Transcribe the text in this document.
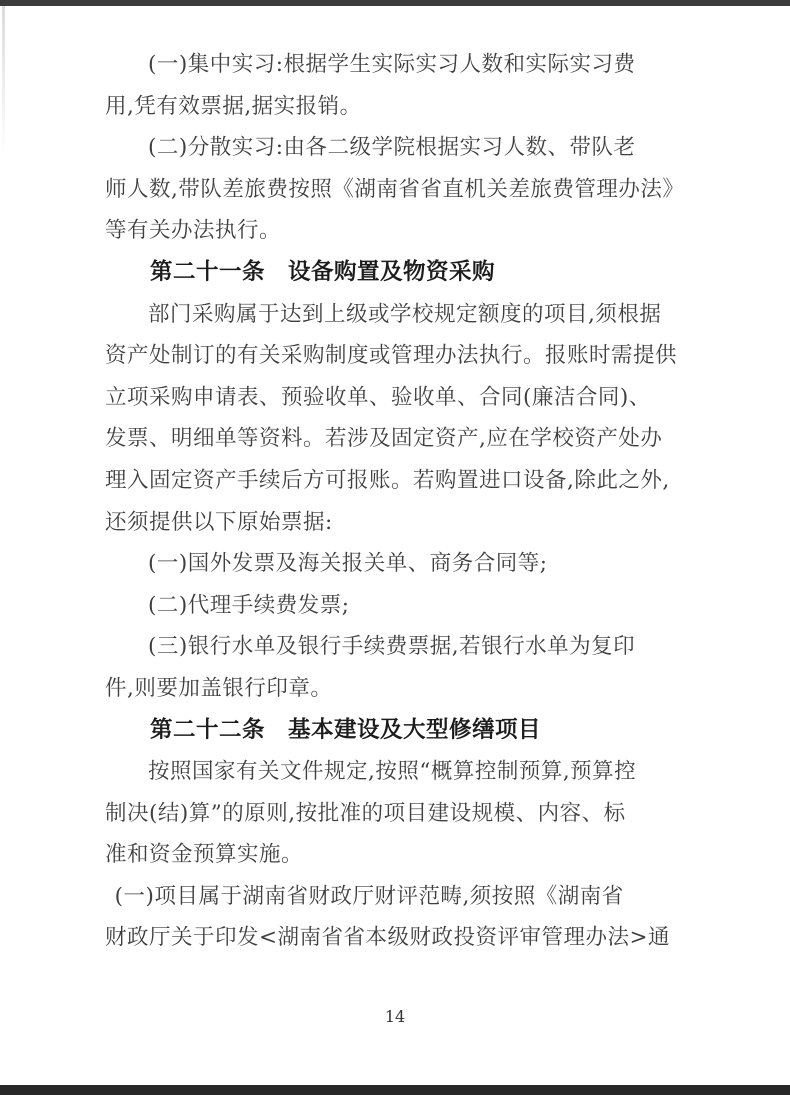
(一)集中实习:根据学生实际实习人数和实际实习费
用,凭有效票据,据实报销。
(二)分散实习:由各二级学院根据实习人数、带队老
师人数,带队差旅费按照《湖南省省直机关差旅费管理办法》
等有关办法执行。
第二十一条　设备购置及物资采购
部门采购属于达到上级或学校规定额度的项目,须根据
资产处制订的有关采购制度或管理办法执行。报账时需提供
立项采购申请表、预验收单、验收单、合同(廉洁合同)、
发票、明细单等资料。若涉及固定资产,应在学校资产处办
理入固定资产手续后方可报账。若购置进口设备,除此之外,
还须提供以下原始票据:
(一)国外发票及海关报关单、商务合同等;
(二)代理手续费发票;
(三)银行水单及银行手续费票据,若银行水单为复印
件,则要加盖银行印章。
第二十二条　基本建设及大型修缮项目
按照国家有关文件规定,按照“概算控制预算,预算控
制决(结)算”的原则,按批准的项目建设规模、内容、标
准和资金预算实施。
(一)项目属于湖南省财政厅财评范畴,须按照《湖南省
财政厅关于印发<湖南省省本级财政投资评审管理办法>通
14
